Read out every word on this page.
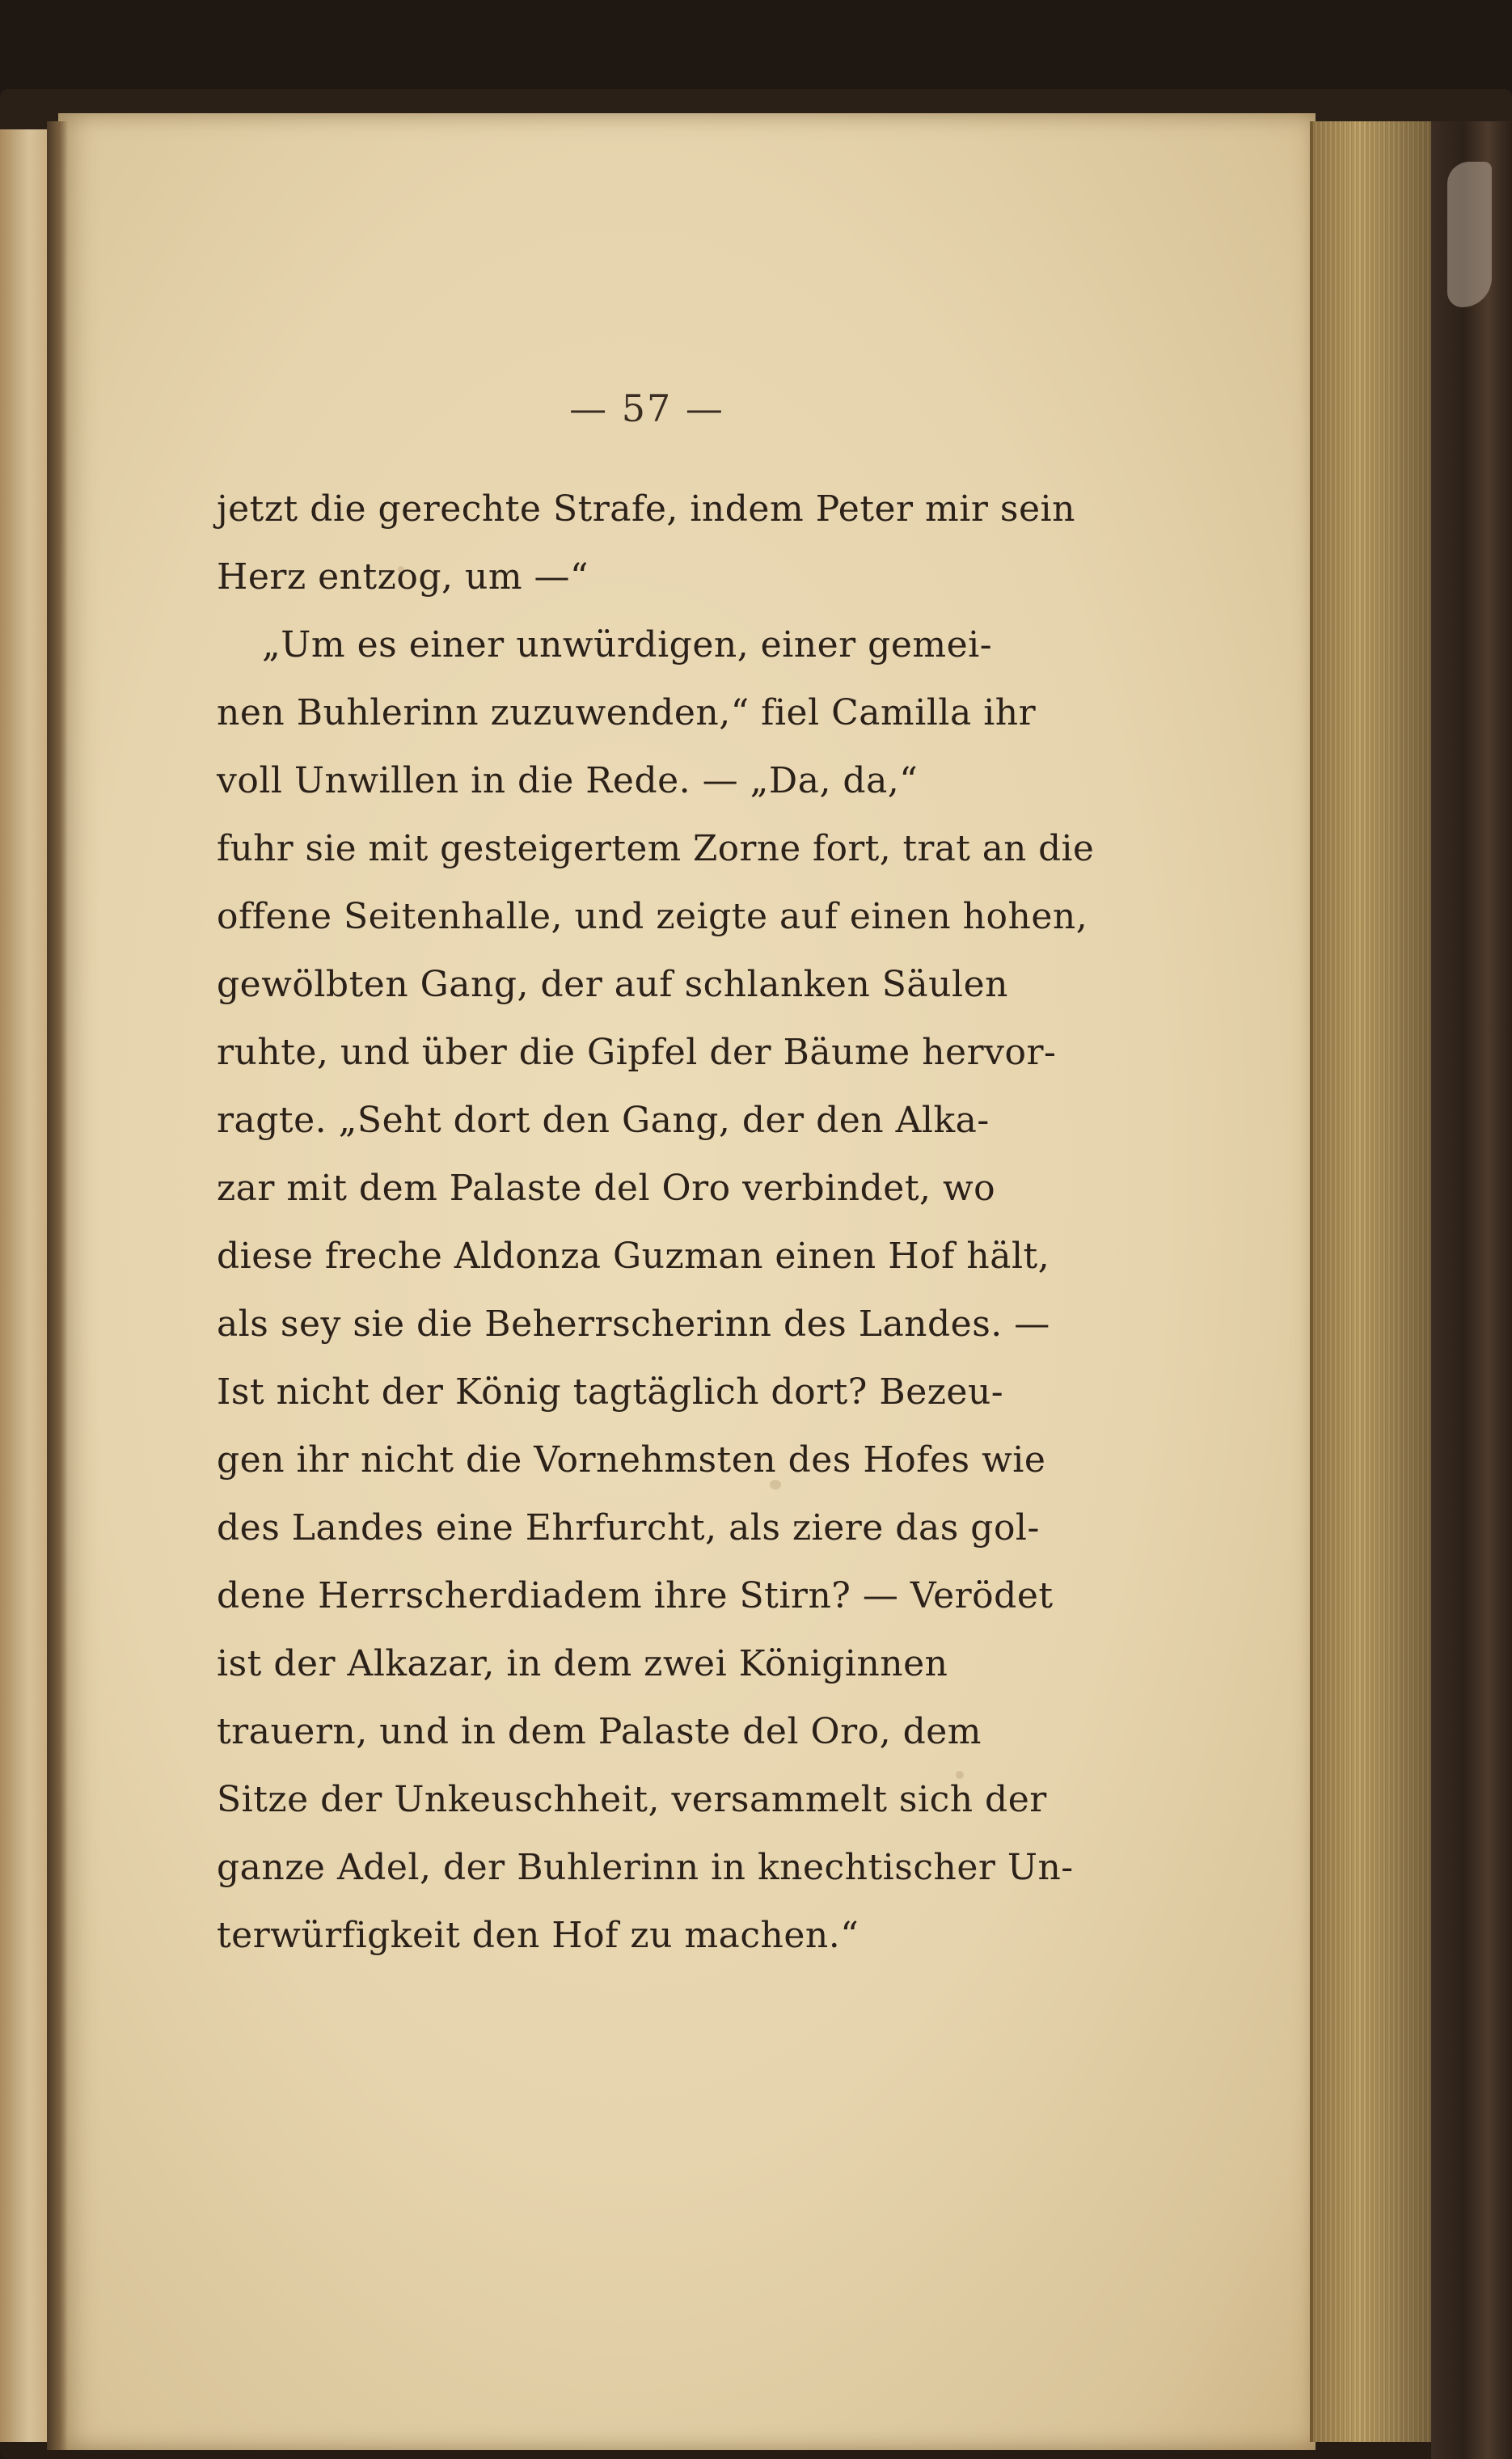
— 57 —
jetzt die gerechte Strafe, indem Peter mir sein
Herz entzog, um —“
„Um es einer unwürdigen, einer gemei-
nen Buhlerinn zuzuwenden,“ fiel Camilla ihr
voll Unwillen in die Rede. — „Da, da,“
fuhr sie mit gesteigertem Zorne fort, trat an die
offene Seitenhalle, und zeigte auf einen hohen,
gewölbten Gang, der auf schlanken Säulen
ruhte, und über die Gipfel der Bäume hervor-
ragte. „Seht dort den Gang, der den Alka-
zar mit dem Palaste del Oro verbindet, wo
diese freche Aldonza Guzman einen Hof hält,
als sey sie die Beherrscherinn des Landes. —
Ist nicht der König tagtäglich dort? Bezeu-
gen ihr nicht die Vornehmsten des Hofes wie
des Landes eine Ehrfurcht, als ziere das gol-
dene Herrscherdiadem ihre Stirn? — Verödet
ist der Alkazar, in dem zwei Königinnen
trauern, und in dem Palaste del Oro, dem
Sitze der Unkeuschheit, versammelt sich der
ganze Adel, der Buhlerinn in knechtischer Un-
terwürfigkeit den Hof zu machen.“
